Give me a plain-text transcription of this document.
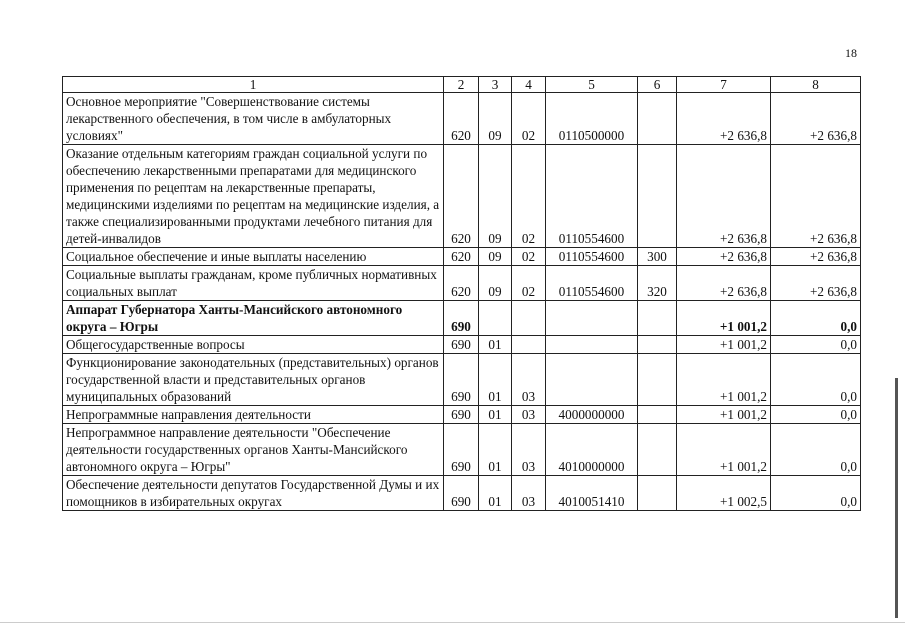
18
1	2	3	4	5	6	7	8
Основное мероприятие "Совершенствование системы лекарственного обеспечения, в том числе в амбулаторных условиях"	620	09	02	0110500000		+2 636,8	+2 636,8
Оказание отдельным категориям граждан социальной услуги по обеспечению лекарственными препаратами для медицинского применения по рецептам на лекарственные препараты, медицинскими изделиями по рецептам на медицинские изделия, а также специализированными продуктами лечебного питания для детей-инвалидов	620	09	02	0110554600		+2 636,8	+2 636,8
Социальное обеспечение и иные выплаты населению	620	09	02	0110554600	300	+2 636,8	+2 636,8
Социальные выплаты гражданам, кроме публичных нормативных социальных выплат	620	09	02	0110554600	320	+2 636,8	+2 636,8
Аппарат Губернатора Ханты-Мансийского автономного округа – Югры	690					+1 001,2	0,0
Общегосударственные вопросы	690	01				+1 001,2	0,0
Функционирование законодательных (представительных) органов государственной власти и представительных органов муниципальных образований	690	01	03			+1 001,2	0,0
Непрограммные направления деятельности	690	01	03	4000000000		+1 001,2	0,0
Непрограммное направление деятельности "Обеспечение деятельности государственных органов Ханты-Мансийского автономного округа – Югры"	690	01	03	4010000000		+1 001,2	0,0
Обеспечение деятельности депутатов Государственной Думы и их помощников в избирательных округах	690	01	03	4010051410		+1 002,5	0,0
